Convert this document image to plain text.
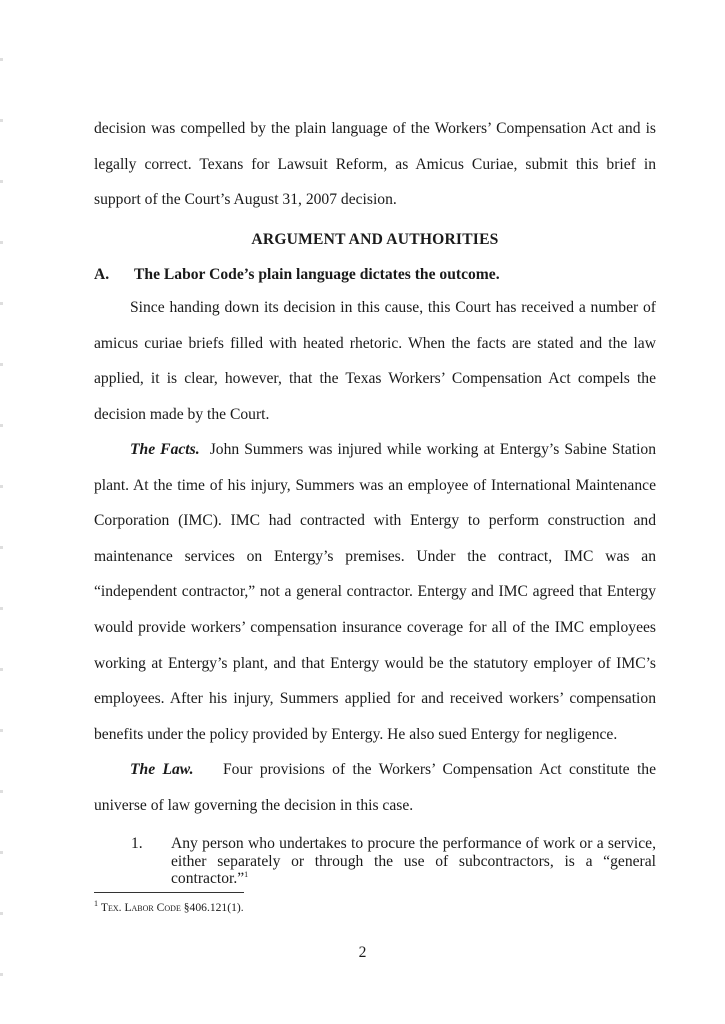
decision was compelled by the plain language of the Workers’ Compensation Act and is legally correct. Texans for Lawsuit Reform, as Amicus Curiae, submit this brief in support of the Court’s August 31, 2007 decision.

ARGUMENT AND AUTHORITIES
A. The Labor Code’s plain language dictates the outcome.

Since handing down its decision in this cause, this Court has received a number of amicus curiae briefs filled with heated rhetoric. When the facts are stated and the law applied, it is clear, however, that the Texas Workers’ Compensation Act compels the decision made by the Court.

The Facts. John Summers was injured while working at Entergy’s Sabine Station plant. At the time of his injury, Summers was an employee of International Maintenance Corporation (IMC). IMC had contracted with Entergy to perform construction and maintenance services on Entergy’s premises. Under the contract, IMC was an “independent contractor,” not a general contractor. Entergy and IMC agreed that Entergy would provide workers’ compensation insurance coverage for all of the IMC employees working at Entergy’s plant, and that Entergy would be the statutory employer of IMC’s employees. After his injury, Summers applied for and received workers’ compensation benefits under the policy provided by Entergy. He also sued Entergy for negligence.

The Law. Four provisions of the Workers’ Compensation Act constitute the universe of law governing the decision in this case.

1. Any person who undertakes to procure the performance of work or a service, either separately or through the use of subcontractors, is a “general contractor.”$^1$
$^1$ Tex. Labor Code §406.121(1).
2
